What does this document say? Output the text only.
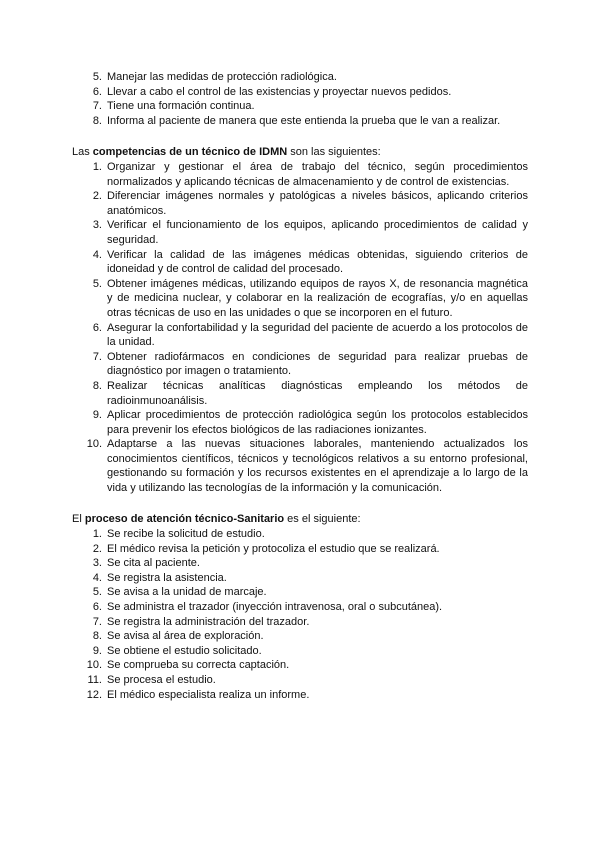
5. Manejar las medidas de protección radiológica.
6. Llevar a cabo el control de las existencias y proyectar nuevos pedidos.
7. Tiene una formación continua.
8. Informa al paciente de manera que este entienda la prueba que le van a realizar.

Las competencias de un técnico de IDMN son las siguientes:

1. Organizar y gestionar el área de trabajo del técnico, según procedimientos normalizados y aplicando técnicas de almacenamiento y de control de existencias.
2. Diferenciar imágenes normales y patológicas a niveles básicos, aplicando criterios anatómicos.
3. Verificar el funcionamiento de los equipos, aplicando procedimientos de calidad y seguridad.
4. Verificar la calidad de las imágenes médicas obtenidas, siguiendo criterios de idoneidad y de control de calidad del procesado.
5. Obtener imágenes médicas, utilizando equipos de rayos X, de resonancia magnética y de medicina nuclear, y colaborar en la realización de ecografías, y/o en aquellas otras técnicas de uso en las unidades o que se incorporen en el futuro.
6. Asegurar la confortabilidad y la seguridad del paciente de acuerdo a los protocolos de la unidad.
7. Obtener radiofármacos en condiciones de seguridad para realizar pruebas de diagnóstico por imagen o tratamiento.
8. Realizar técnicas analíticas diagnósticas empleando los métodos de radioinmunoanálisis.
9. Aplicar procedimientos de protección radiológica según los protocolos establecidos para prevenir los efectos biológicos de las radiaciones ionizantes.
10. Adaptarse a las nuevas situaciones laborales, manteniendo actualizados los conocimientos científicos, técnicos y tecnológicos relativos a su entorno profesional, gestionando su formación y los recursos existentes en el aprendizaje a lo largo de la vida y utilizando las tecnologías de la información y la comunicación.

El proceso de atención técnico-Sanitario es el siguiente:

1. Se recibe la solicitud de estudio.
2. El médico revisa la petición y protocoliza el estudio que se realizará.
3. Se cita al paciente.
4. Se registra la asistencia.
5. Se avisa a la unidad de marcaje.
6. Se administra el trazador (inyección intravenosa, oral o subcutánea).
7. Se registra la administración del trazador.
8. Se avisa al área de exploración.
9. Se obtiene el estudio solicitado.
10. Se comprueba su correcta captación.
11. Se procesa el estudio.
12. El médico especialista realiza un informe.
